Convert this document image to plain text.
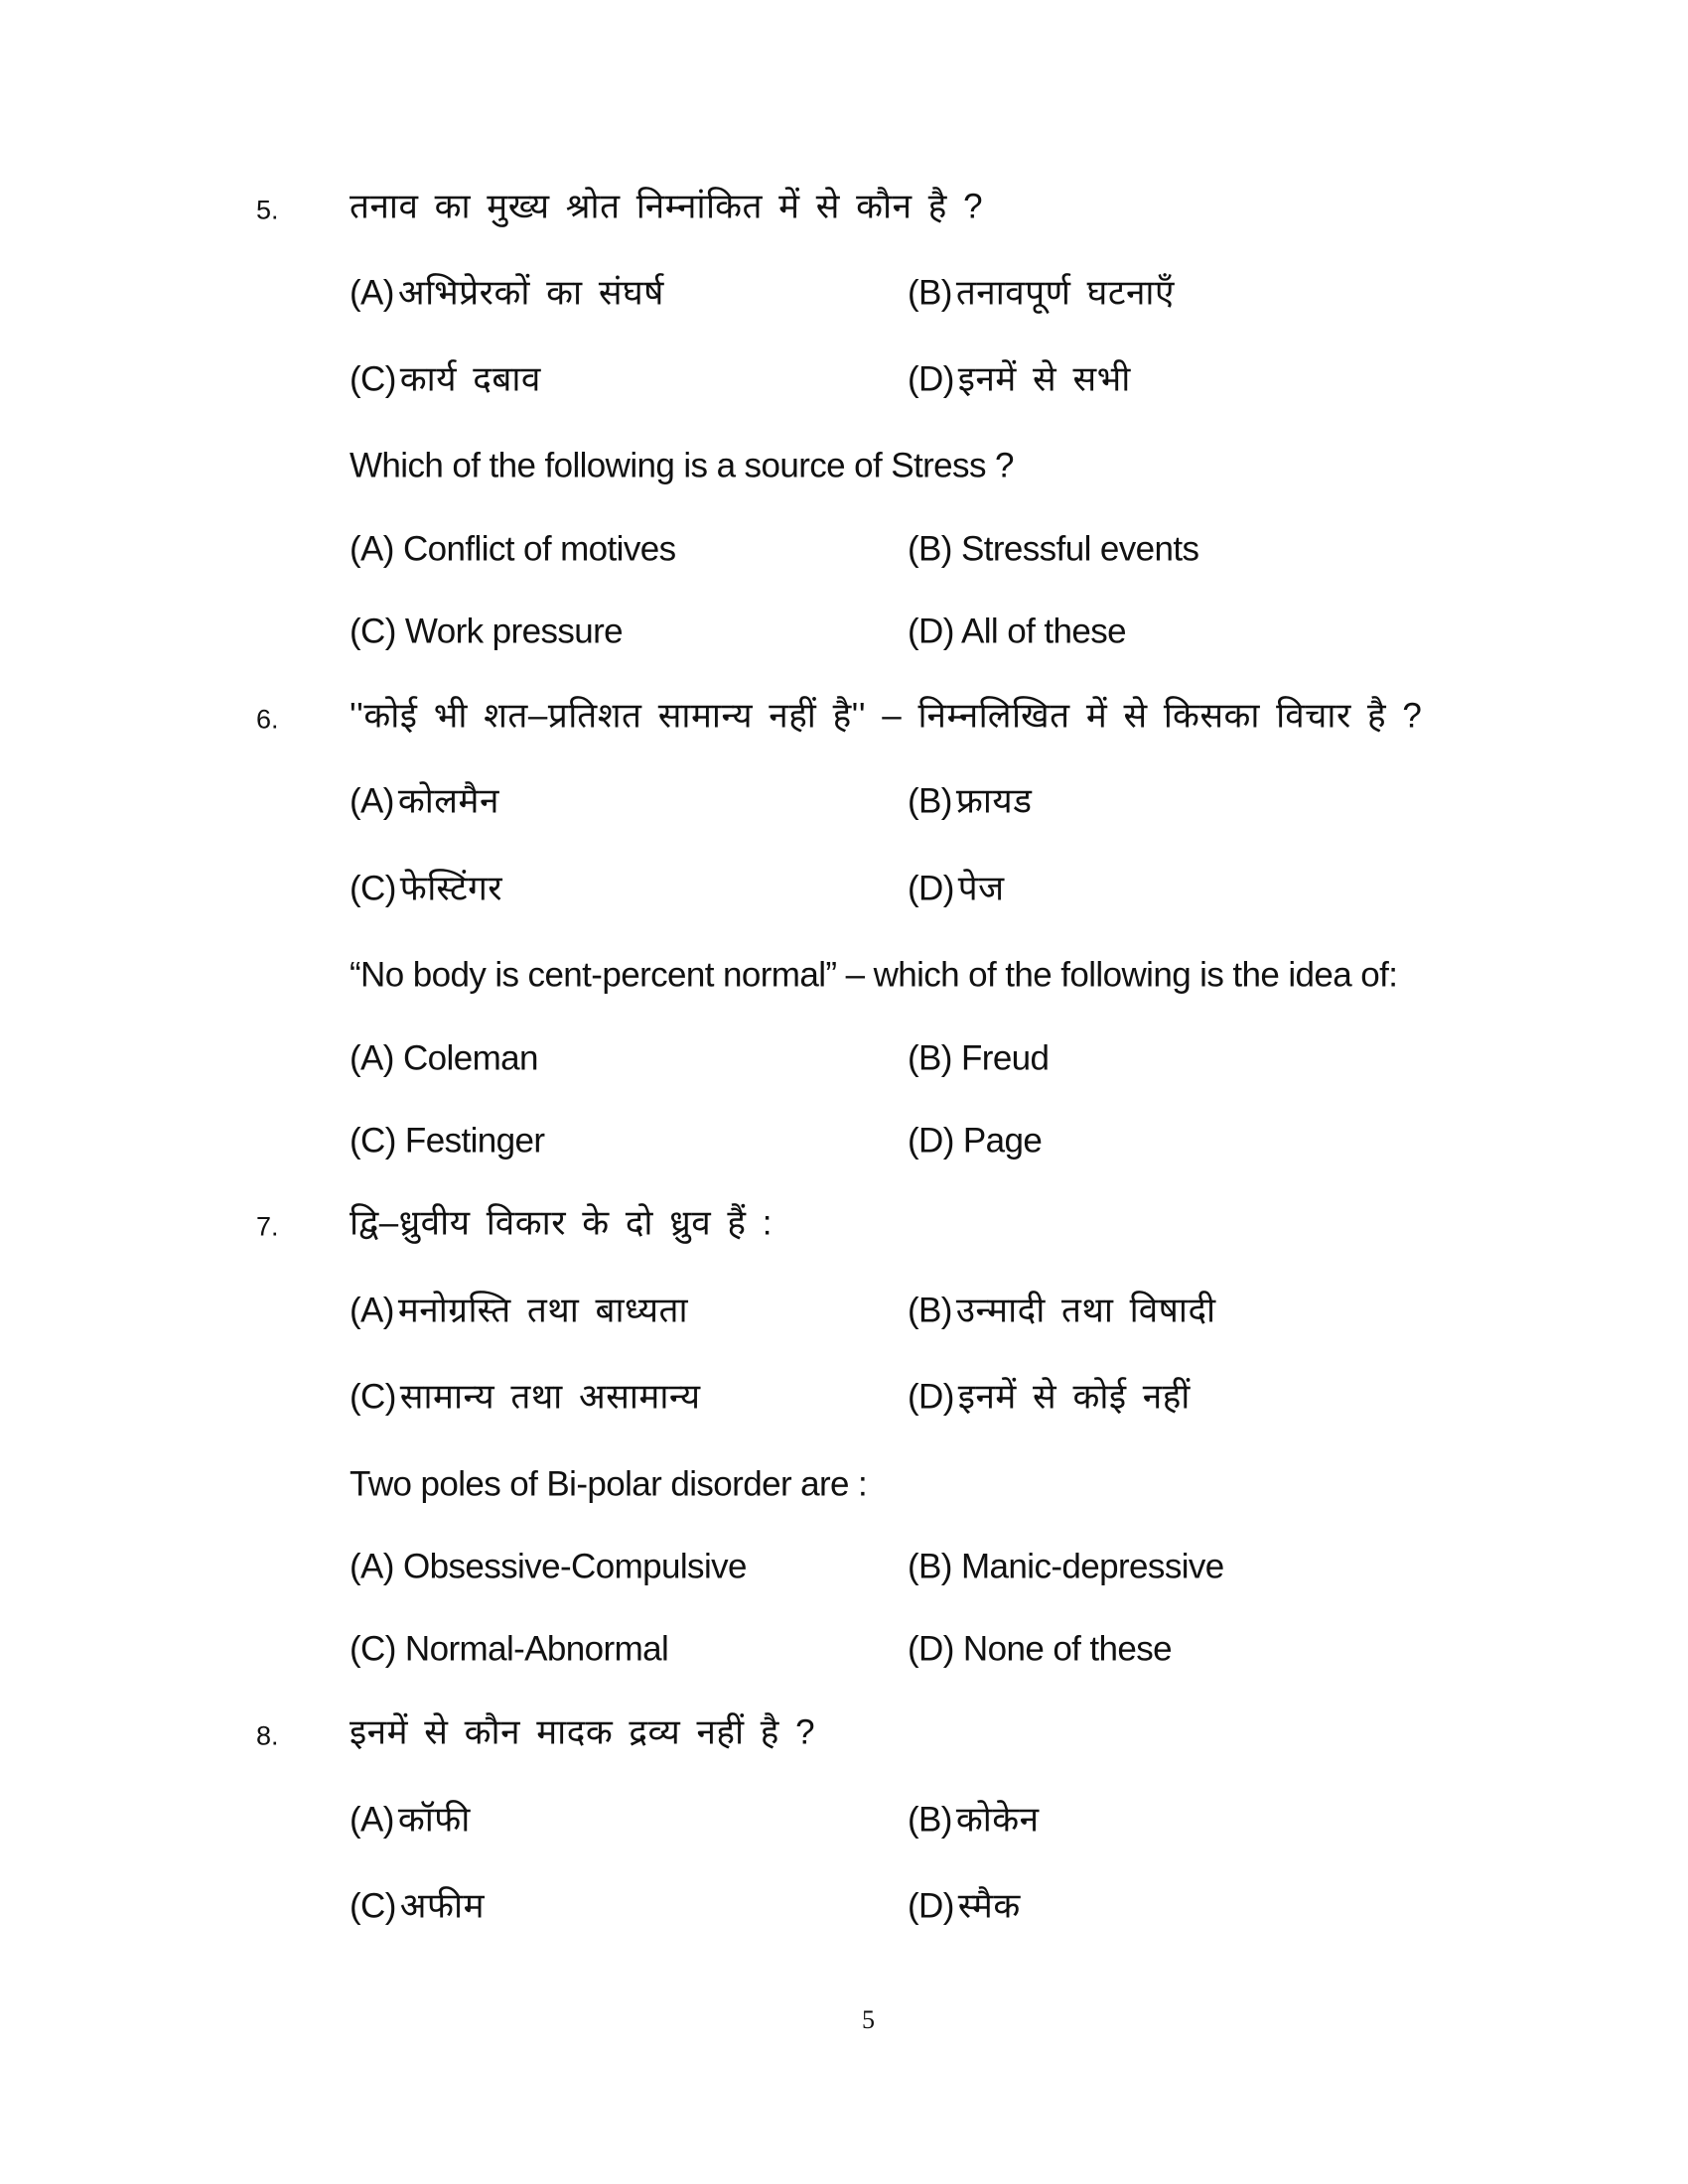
5. तनाव का मुख्य श्रोत निम्नांकित में से कौन है ?
(A) अभिप्रेरकों का संघर्ष	(B) तनावपूर्ण घटनाएँ
(C) कार्य दबाव	(D) इनमें से सभी
Which of the following is a source of Stress ?
(A) Conflict of motives	(B) Stressful events
(C) Work pressure	(D) All of these
6. ''कोई भी शत–प्रतिशत सामान्य नहीं है'' – निम्नलिखित में से किसका विचार है ?
(A) कोलमैन	(B) फ्रायड
(C) फेस्टिंगर	(D) पेज
“No body is cent-percent normal” – which of the following is the idea of:
(A) Coleman	(B) Freud
(C) Festinger	(D) Page
7. द्वि–ध्रुवीय विकार के दो ध्रुव हैं :
(A) मनोग्रस्ति तथा बाध्यता	(B) उन्मादी तथा विषादी
(C) सामान्य तथा असामान्य	(D) इनमें से कोई नहीं
Two poles of Bi-polar disorder are :
(A) Obsessive-Compulsive	(B) Manic-depressive
(C) Normal-Abnormal	(D) None of these
8. इनमें से कौन मादक द्रव्य नहीं है ?
(A) कॉफी	(B) कोकेन
(C) अफीम	(D) स्मैक
5
